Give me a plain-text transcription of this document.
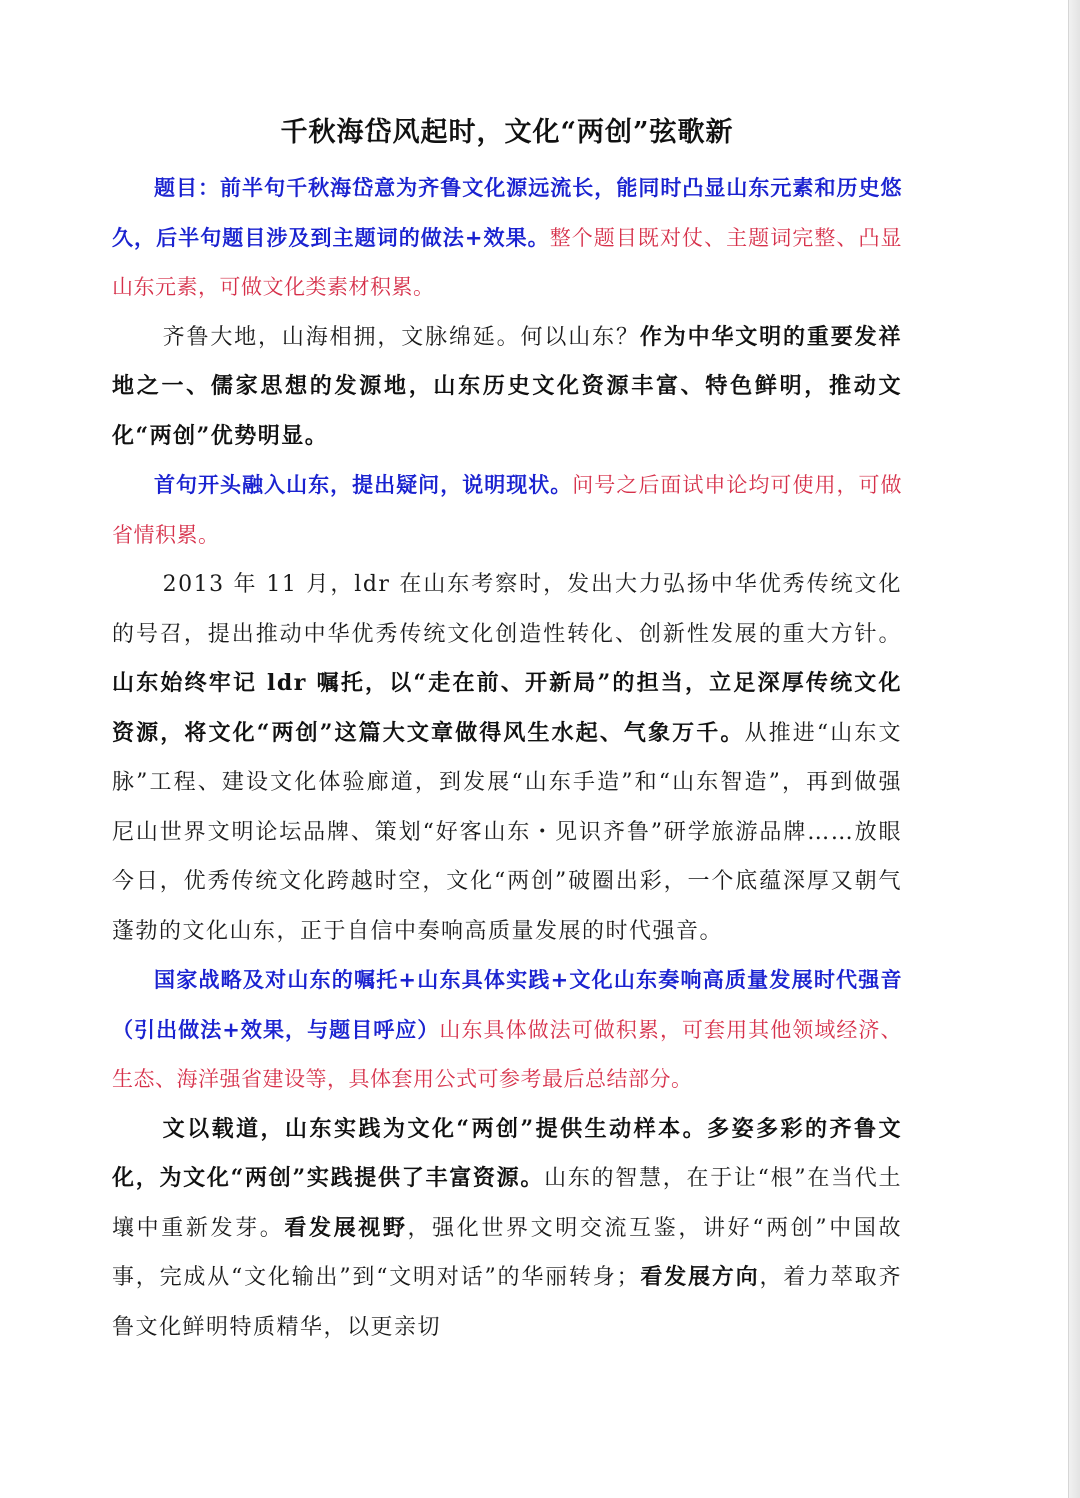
千秋海岱风起时，文化“两创”弦歌新

题目：前半句千秋海岱意为齐鲁文化源远流长，能同时凸显山东元素和历史悠久，后半句题目涉及到主题词的做法+效果。整个题目既对仗、主题词完整、凸显山东元素，可做文化类素材积累。

齐鲁大地，山海相拥，文脉绵延。何以山东？作为中华文明的重要发祥地之一、儒家思想的发源地，山东历史文化资源丰富、特色鲜明，推动文化“两创”优势明显。

首句开头融入山东，提出疑问，说明现状。问号之后面试申论均可使用，可做省情积累。

2013 年 11 月，ldr 在山东考察时，发出大力弘扬中华优秀传统文化的号召，提出推动中华优秀传统文化创造性转化、创新性发展的重大方针。山东始终牢记 ldr 嘱托，以“走在前、开新局”的担当，立足深厚传统文化资源，将文化“两创”这篇大文章做得风生水起、气象万千。从推进“山东文脉”工程、建设文化体验廊道，到发展“山东手造”和“山东智造”，再到做强尼山世界文明论坛品牌、策划“好客山东・见识齐鲁”研学旅游品牌……放眼今日，优秀传统文化跨越时空，文化“两创”破圈出彩，一个底蕴深厚又朝气蓬勃的文化山东，正于自信中奏响高质量发展的时代强音。

国家战略及对山东的嘱托+山东具体实践+文化山东奏响高质量发展时代强音（引出做法+效果，与题目呼应）山东具体做法可做积累，可套用其他领域经济、生态、海洋强省建设等，具体套用公式可参考最后总结部分。

文以载道，山东实践为文化“两创”提供生动样本。多姿多彩的齐鲁文化，为文化“两创”实践提供了丰富资源。山东的智慧，在于让“根”在当代土壤中重新发芽。看发展视野，强化世界文明交流互鉴，讲好“两创”中国故事，完成从“文化输出”到“文明对话”的华丽转身；看发展方向，着力萃取齐鲁文化鲜明特质精华，以更亲切
